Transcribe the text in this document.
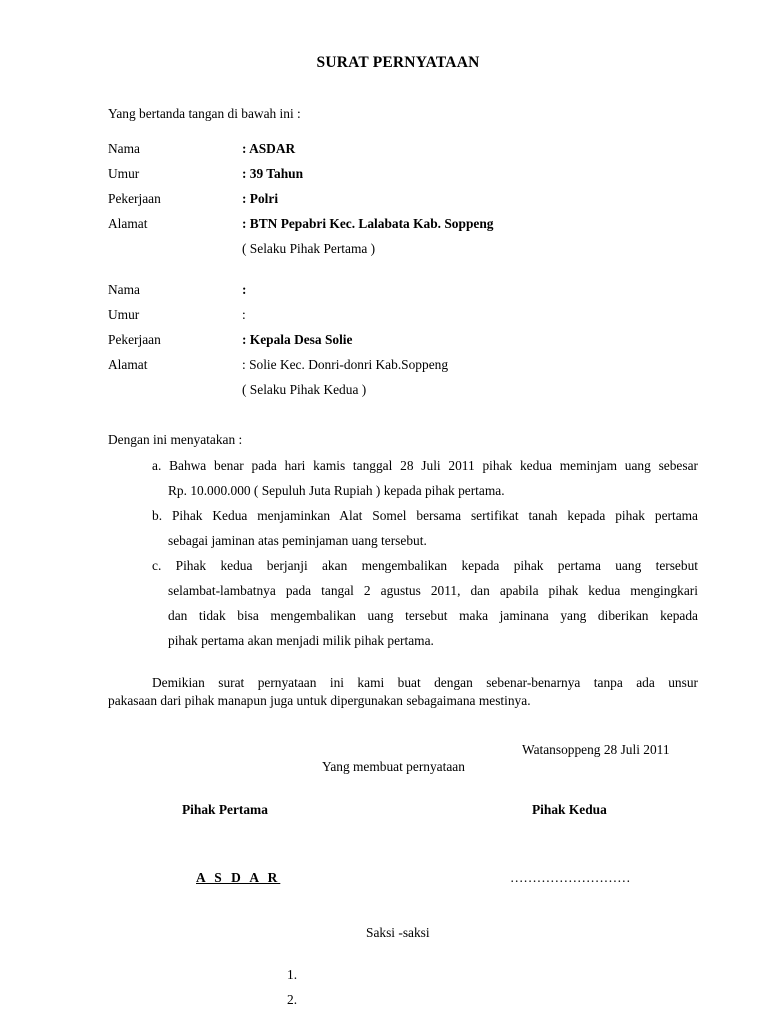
SURAT PERNYATAAN
Yang bertanda tangan di bawah ini :
Nama	: ASDAR
Umur	: 39 Tahun
Pekerjaan	: Polri
Alamat	: BTN Pepabri Kec. Lalabata Kab. Soppeng
( Selaku Pihak Pertama )
Nama	:
Umur	:
Pekerjaan	: Kepala Desa Solie
Alamat	: Solie Kec. Donri-donri Kab.Soppeng
( Selaku Pihak Kedua )
Dengan ini menyatakan :
a. Bahwa benar pada hari kamis tanggal 28 Juli 2011 pihak kedua meminjam uang sebesar
Rp. 10.000.000 ( Sepuluh Juta Rupiah ) kepada pihak pertama.
b. Pihak Kedua menjaminkan Alat Somel bersama sertifikat tanah kepada pihak pertama
sebagai jaminan atas peminjaman uang tersebut.
c. Pihak kedua berjanji akan mengembalikan kepada pihak pertama uang tersebut
selambat-lambatnya pada tangal 2 agustus 2011, dan apabila pihak kedua mengingkari
dan tidak bisa mengembalikan uang tersebut maka jaminana yang diberikan kepada
pihak pertama akan menjadi milik pihak pertama.
Demikian surat pernyataan ini kami buat dengan sebenar-benarnya tanpa ada unsur
pakasaan dari pihak manapun juga untuk dipergunakan sebagaimana mestinya.
Watansoppeng 28 Juli 2011
Yang membuat pernyataan
Pihak Pertama	Pihak Kedua
A S D A R	………………………
Saksi -saksi
1.
2.
